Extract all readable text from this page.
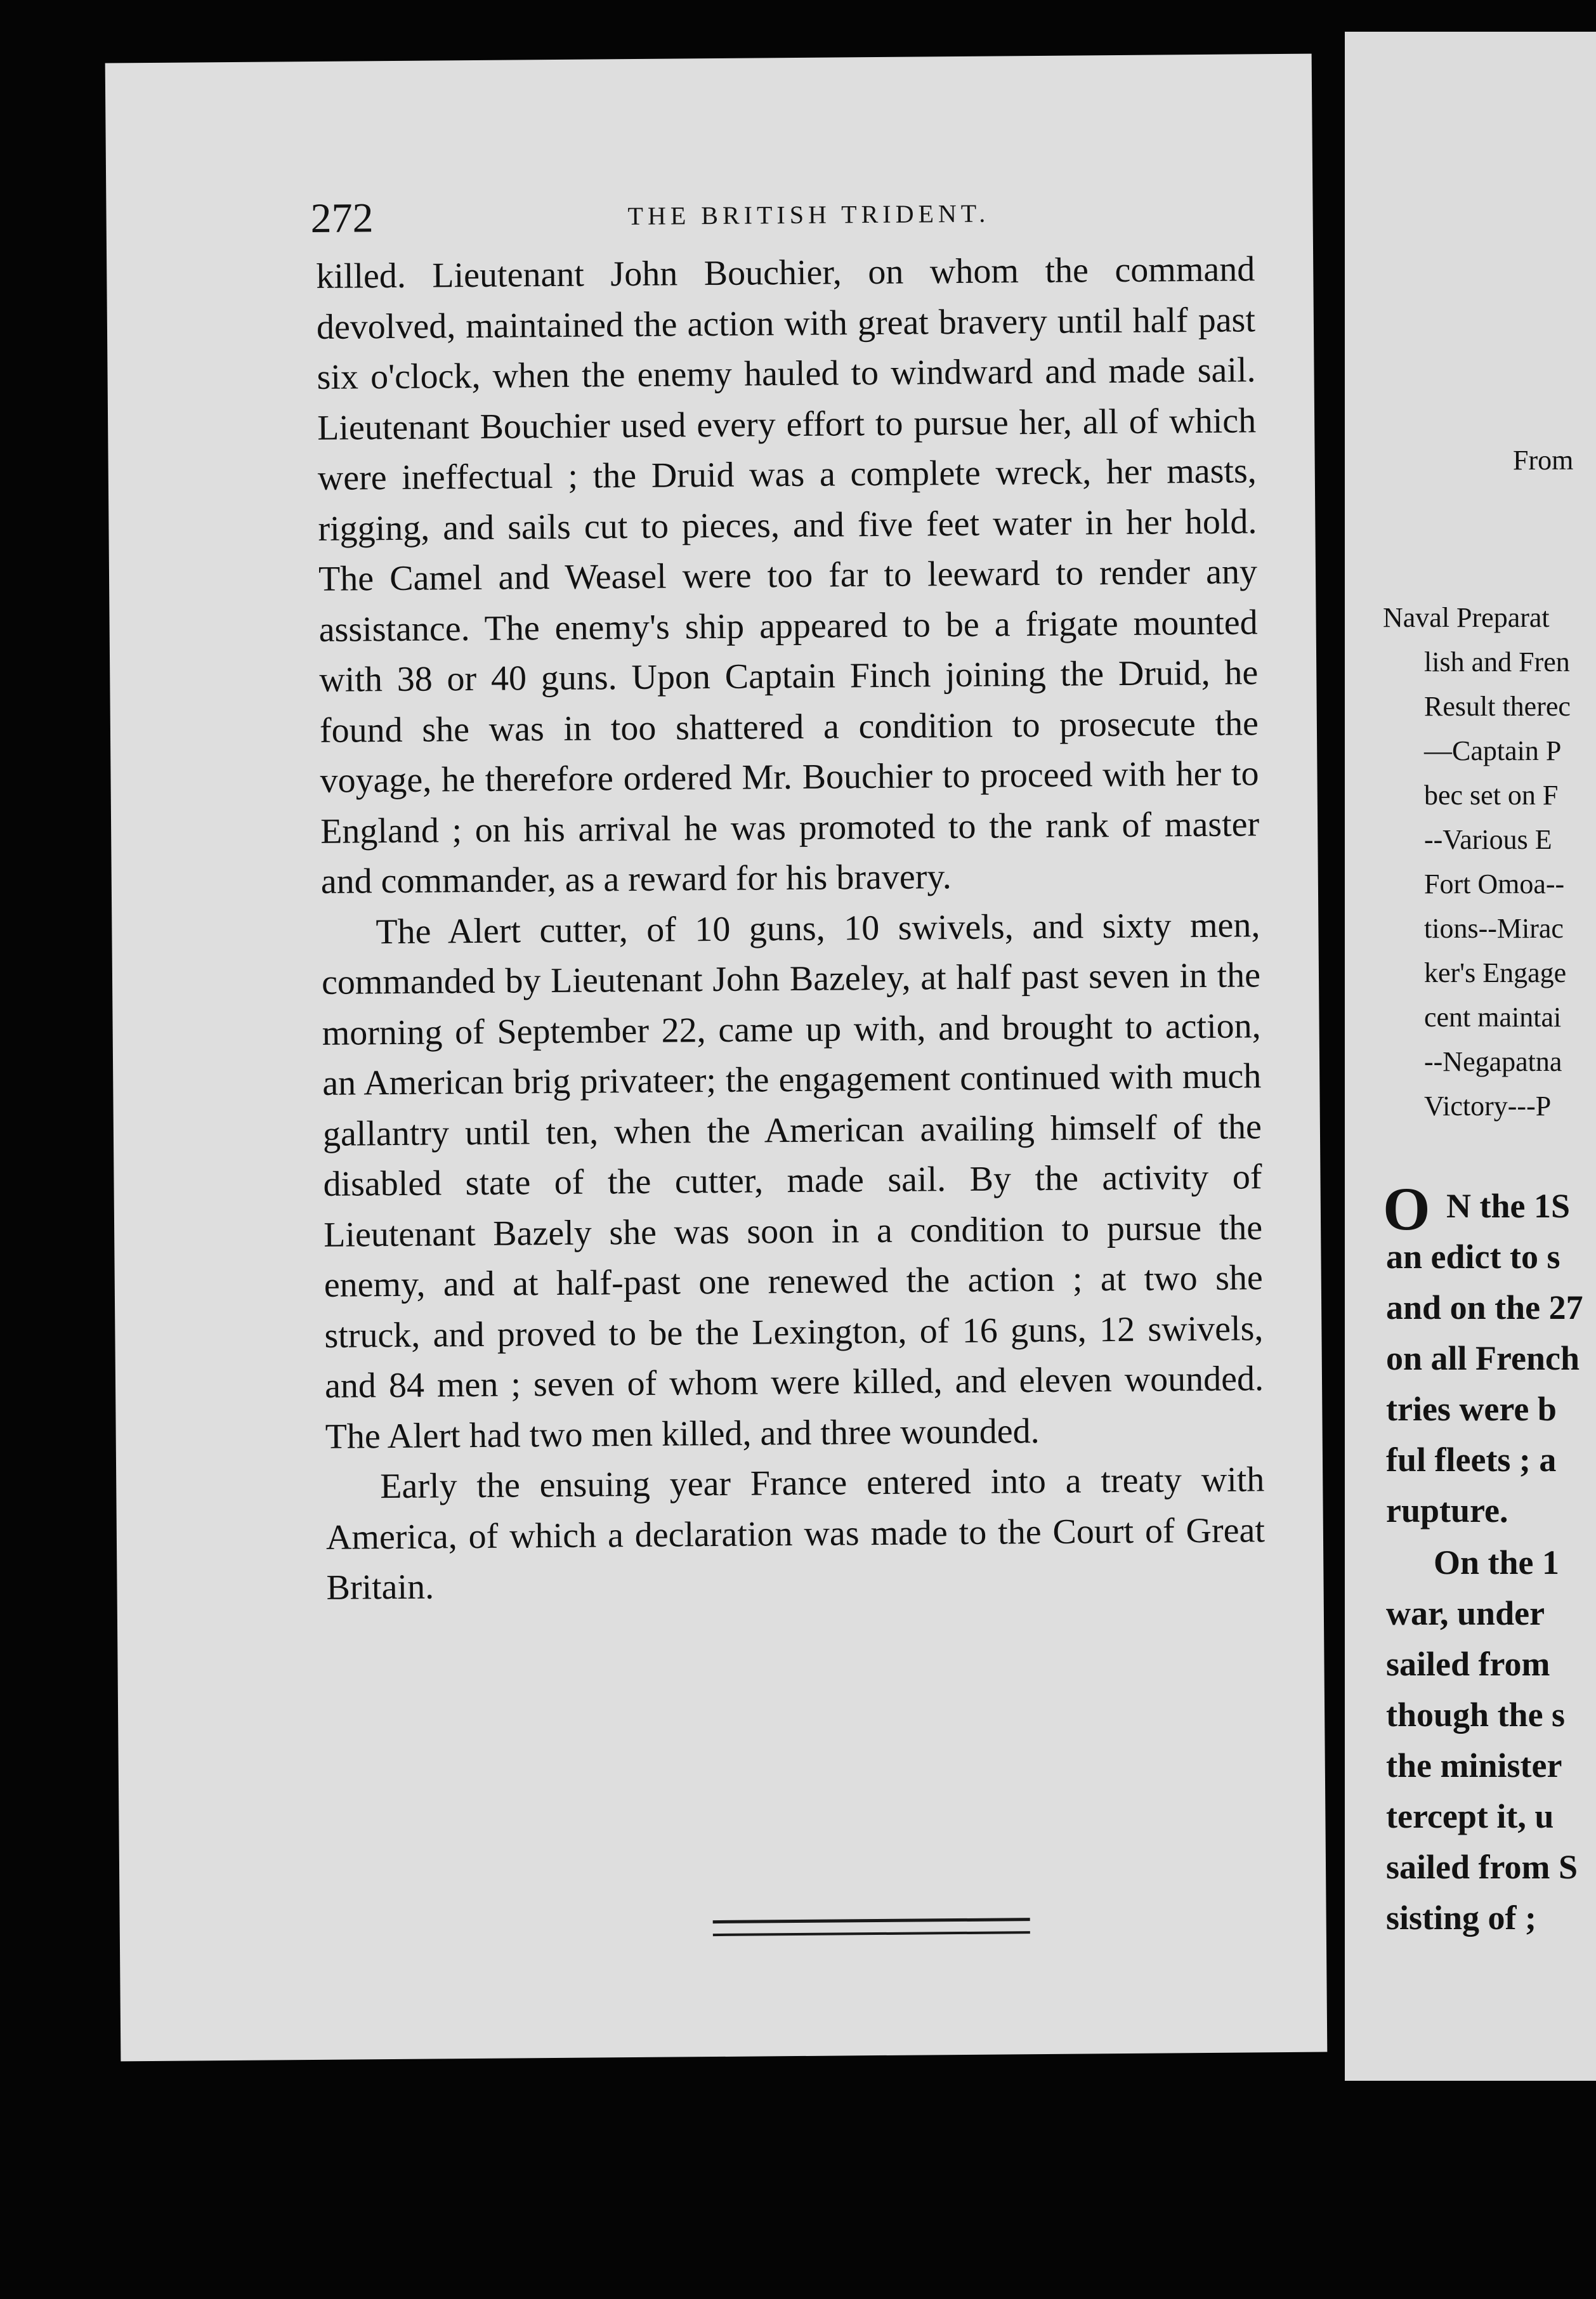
272	THE BRITISH TRIDENT.

killed. Lieutenant John Bouchier, on whom the command devolved, maintained the action with great bravery until half past six o'clock, when the enemy hauled to windward and made sail. Lieutenant Bouchier used every effort to pursue her, all of which were ineffectual ; the Druid was a complete wreck, her masts, rigging, and sails cut to pieces, and five feet water in her hold. The Camel and Weasel were too far to leeward to render any assistance. The enemy's ship appeared to be a frigate mounted with 38 or 40 guns. Upon Captain Finch joining the Druid, he found she was in too shattered a condition to prosecute the voyage, he therefore ordered Mr. Bouchier to proceed with her to England ; on his arrival he was promoted to the rank of master and commander, as a reward for his bravery.

The Alert cutter, of 10 guns, 10 swivels, and sixty men, commanded by Lieutenant John Bazeley, at half past seven in the morning of September 22, came up with, and brought to action, an American brig privateer; the engagement continued with much gallantry until ten, when the American availing himself of the disabled state of the cutter, made sail. By the activity of Lieutenant Bazely she was soon in a condition to pursue the enemy, and at half-past one renewed the action ; at two she struck, and proved to be the Lexington, of 16 guns, 12 swivels, and 84 men ; seven of whom were killed, and eleven wounded. The Alert had two men killed, and three wounded.

Early the ensuing year France entered into a treaty with America, of which a declaration was made to the Court of Great Britain.

From
Naval Preparat
lish and Fren
Result therec
—Captain P
bec set on F
--Various E
Fort Omoa--
tions--Mirac
ker's Engage
cent maintai
--Negapatna
Victory---P
O N the 1S
an edict to s
and on the 27
on all French
tries were b
ful fleets ; a
rupture.
On the 1
war, under
sailed from
though the s
the minister
tercept it, u
sailed from S
sisting of ;
